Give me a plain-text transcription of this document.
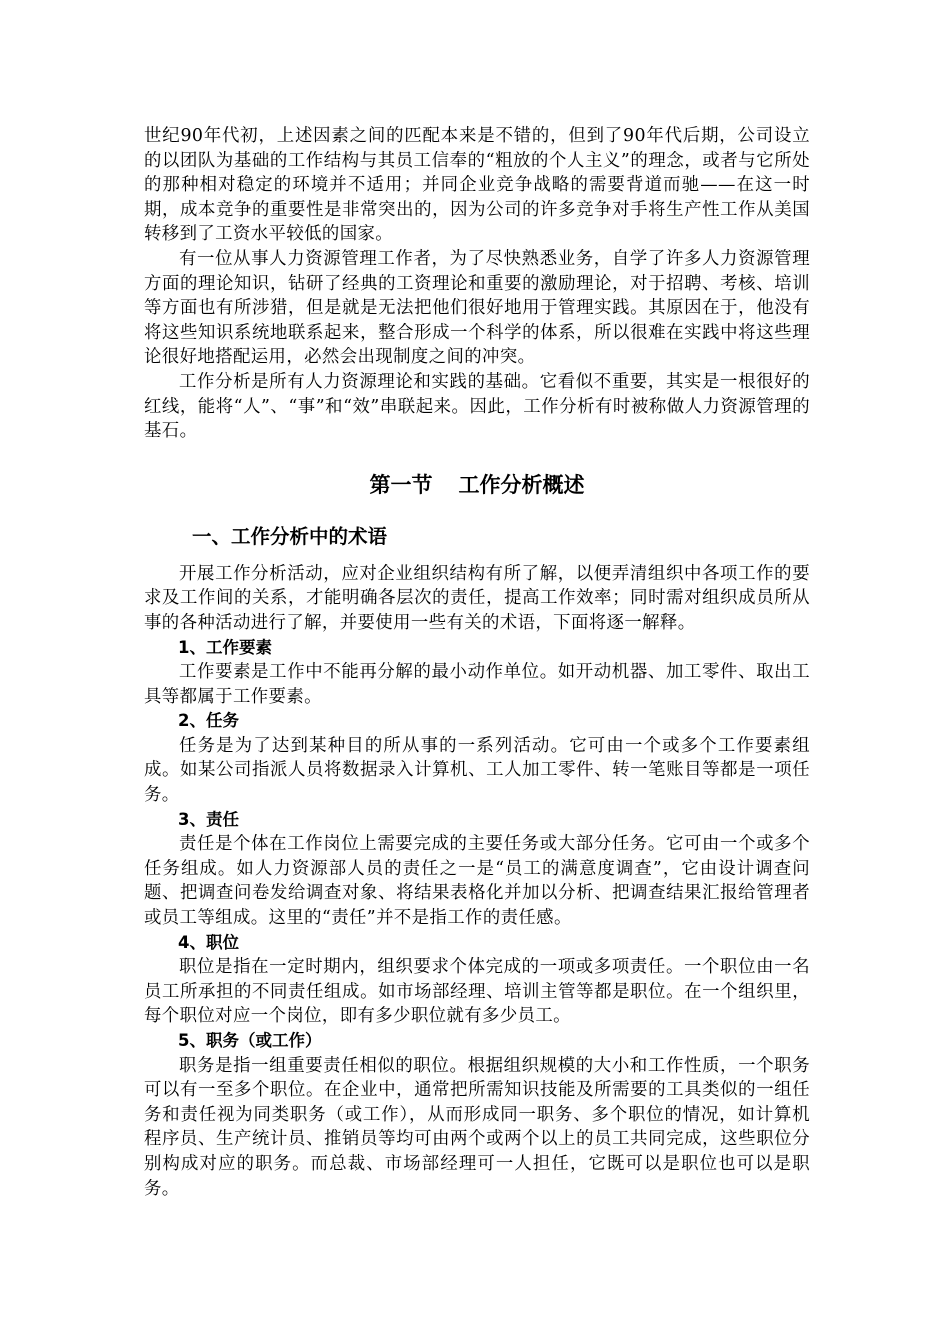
世纪90年代初，上述因素之间的匹配本来是不错的，但到了90年代后期，公司设立的以团队为基础的工作结构与其员工信奉的“粗放的个人主义”的理念，或者与它所处的那种相对稳定的环境并不适用；并同企业竞争战略的需要背道而驰——在这一时期，成本竞争的重要性是非常突出的，因为公司的许多竞争对手将生产性工作从美国转移到了工资水平较低的国家。

有一位从事人力资源管理工作者，为了尽快熟悉业务，自学了许多人力资源管理方面的理论知识，钻研了经典的工资理论和重要的激励理论，对于招聘、考核、培训等方面也有所涉猎，但是就是无法把他们很好地用于管理实践。其原因在于，他没有将这些知识系统地联系起来，整合形成一个科学的体系，所以很难在实践中将这些理论很好地搭配运用，必然会出现制度之间的冲突。

工作分析是所有人力资源理论和实践的基础。它看似不重要，其实是一根很好的红线，能将“人”、“事”和“效”串联起来。因此，工作分析有时被称做人力资源管理的基石。

第一节 工作分析概述
一、工作分析中的术语

开展工作分析活动，应对企业组织结构有所了解，以便弄清组织中各项工作的要求及工作间的关系，才能明确各层次的责任，提高工作效率；同时需对组织成员所从事的各种活动进行了解，并要使用一些有关的术语，下面将逐一解释。

1、工作要素

工作要素是工作中不能再分解的最小动作单位。如开动机器、加工零件、取出工具等都属于工作要素。

2、任务

任务是为了达到某种目的所从事的一系列活动。它可由一个或多个工作要素组成。如某公司指派人员将数据录入计算机、工人加工零件、转一笔账目等都是一项任务。

3、责任

责任是个体在工作岗位上需要完成的主要任务或大部分任务。它可由一个或多个任务组成。如人力资源部人员的责任之一是“员工的满意度调查”，它由设计调查问题、把调查问卷发给调查对象、将结果表格化并加以分析、把调查结果汇报给管理者或员工等组成。这里的“责任”并不是指工作的责任感。

4、职位

职位是指在一定时期内，组织要求个体完成的一项或多项责任。一个职位由一名员工所承担的不同责任组成。如市场部经理、培训主管等都是职位。在一个组织里，每个职位对应一个岗位，即有多少职位就有多少员工。

5、职务（或工作）

职务是指一组重要责任相似的职位。根据组织规模的大小和工作性质，一个职务可以有一至多个职位。在企业中，通常把所需知识技能及所需要的工具类似的一组任务和责任视为同类职务（或工作），从而形成同一职务、多个职位的情况，如计算机程序员、生产统计员、推销员等均可由两个或两个以上的员工共同完成，这些职位分别构成对应的职务。而总裁、市场部经理可一人担任，它既可以是职位也可以是职务。
